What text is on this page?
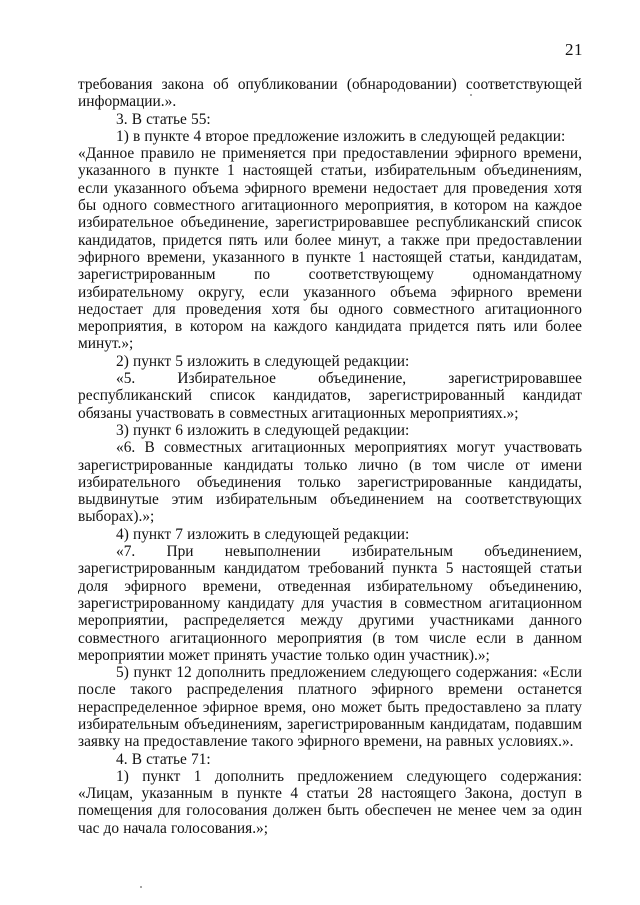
21

требования закона об опубликовании (обнародовании) соответствующей информации.».

3. В статье 55:

1) в пункте 4 второе предложение изложить в следующей редакции:

«Данное правило не применяется при предоставлении эфирного времени, указанного в пункте 1 настоящей статьи, избирательным объединениям, если указанного объема эфирного времени недостает для проведения хотя бы одного совместного агитационного мероприятия, в котором на каждое избирательное объединение, зарегистрировавшее республиканский список кандидатов, придется пять или более минут, а также при предоставлении эфирного времени, указанного в пункте 1 настоящей статьи, кандидатам, зарегистрированным по соответствующему одномандатному избирательному округу, если указанного объема эфирного времени недостает для проведения хотя бы одного совместного агитационного мероприятия, в котором на каждого кандидата придется пять или более минут.»;

2) пункт 5 изложить в следующей редакции:

«5. Избирательное объединение, зарегистрировавшее республиканский список кандидатов, зарегистрированный кандидат обязаны участвовать в совместных агитационных мероприятиях.»;

3) пункт 6 изложить в следующей редакции:

«6. В совместных агитационных мероприятиях могут участвовать зарегистрированные кандидаты только лично (в том числе от имени избирательного объединения только зарегистрированные кандидаты, выдвинутые этим избирательным объединением на соответствующих выборах).»;

4) пункт 7 изложить в следующей редакции:

«7. При невыполнении избирательным объединением, зарегистрированным кандидатом требований пункта 5 настоящей статьи доля эфирного времени, отведенная избирательному объединению, зарегистрированному кандидату для участия в совместном агитационном мероприятии, распределяется между другими участниками данного совместного агитационного мероприятия (в том числе если в данном мероприятии может принять участие только один участник).»;

5) пункт 12 дополнить предложением следующего содержания: «Если после такого распределения платного эфирного времени останется нераспределенное эфирное время, оно может быть предоставлено за плату избирательным объединениям, зарегистрированным кандидатам, подавшим заявку на предоставление такого эфирного времени, на равных условиях.».

4. В статье 71:

1) пункт 1 дополнить предложением следующего содержания: «Лицам, указанным в пункте 4 статьи 28 настоящего Закона, доступ в помещения для голосования должен быть обеспечен не менее чем за один час до начала голосования.»;
